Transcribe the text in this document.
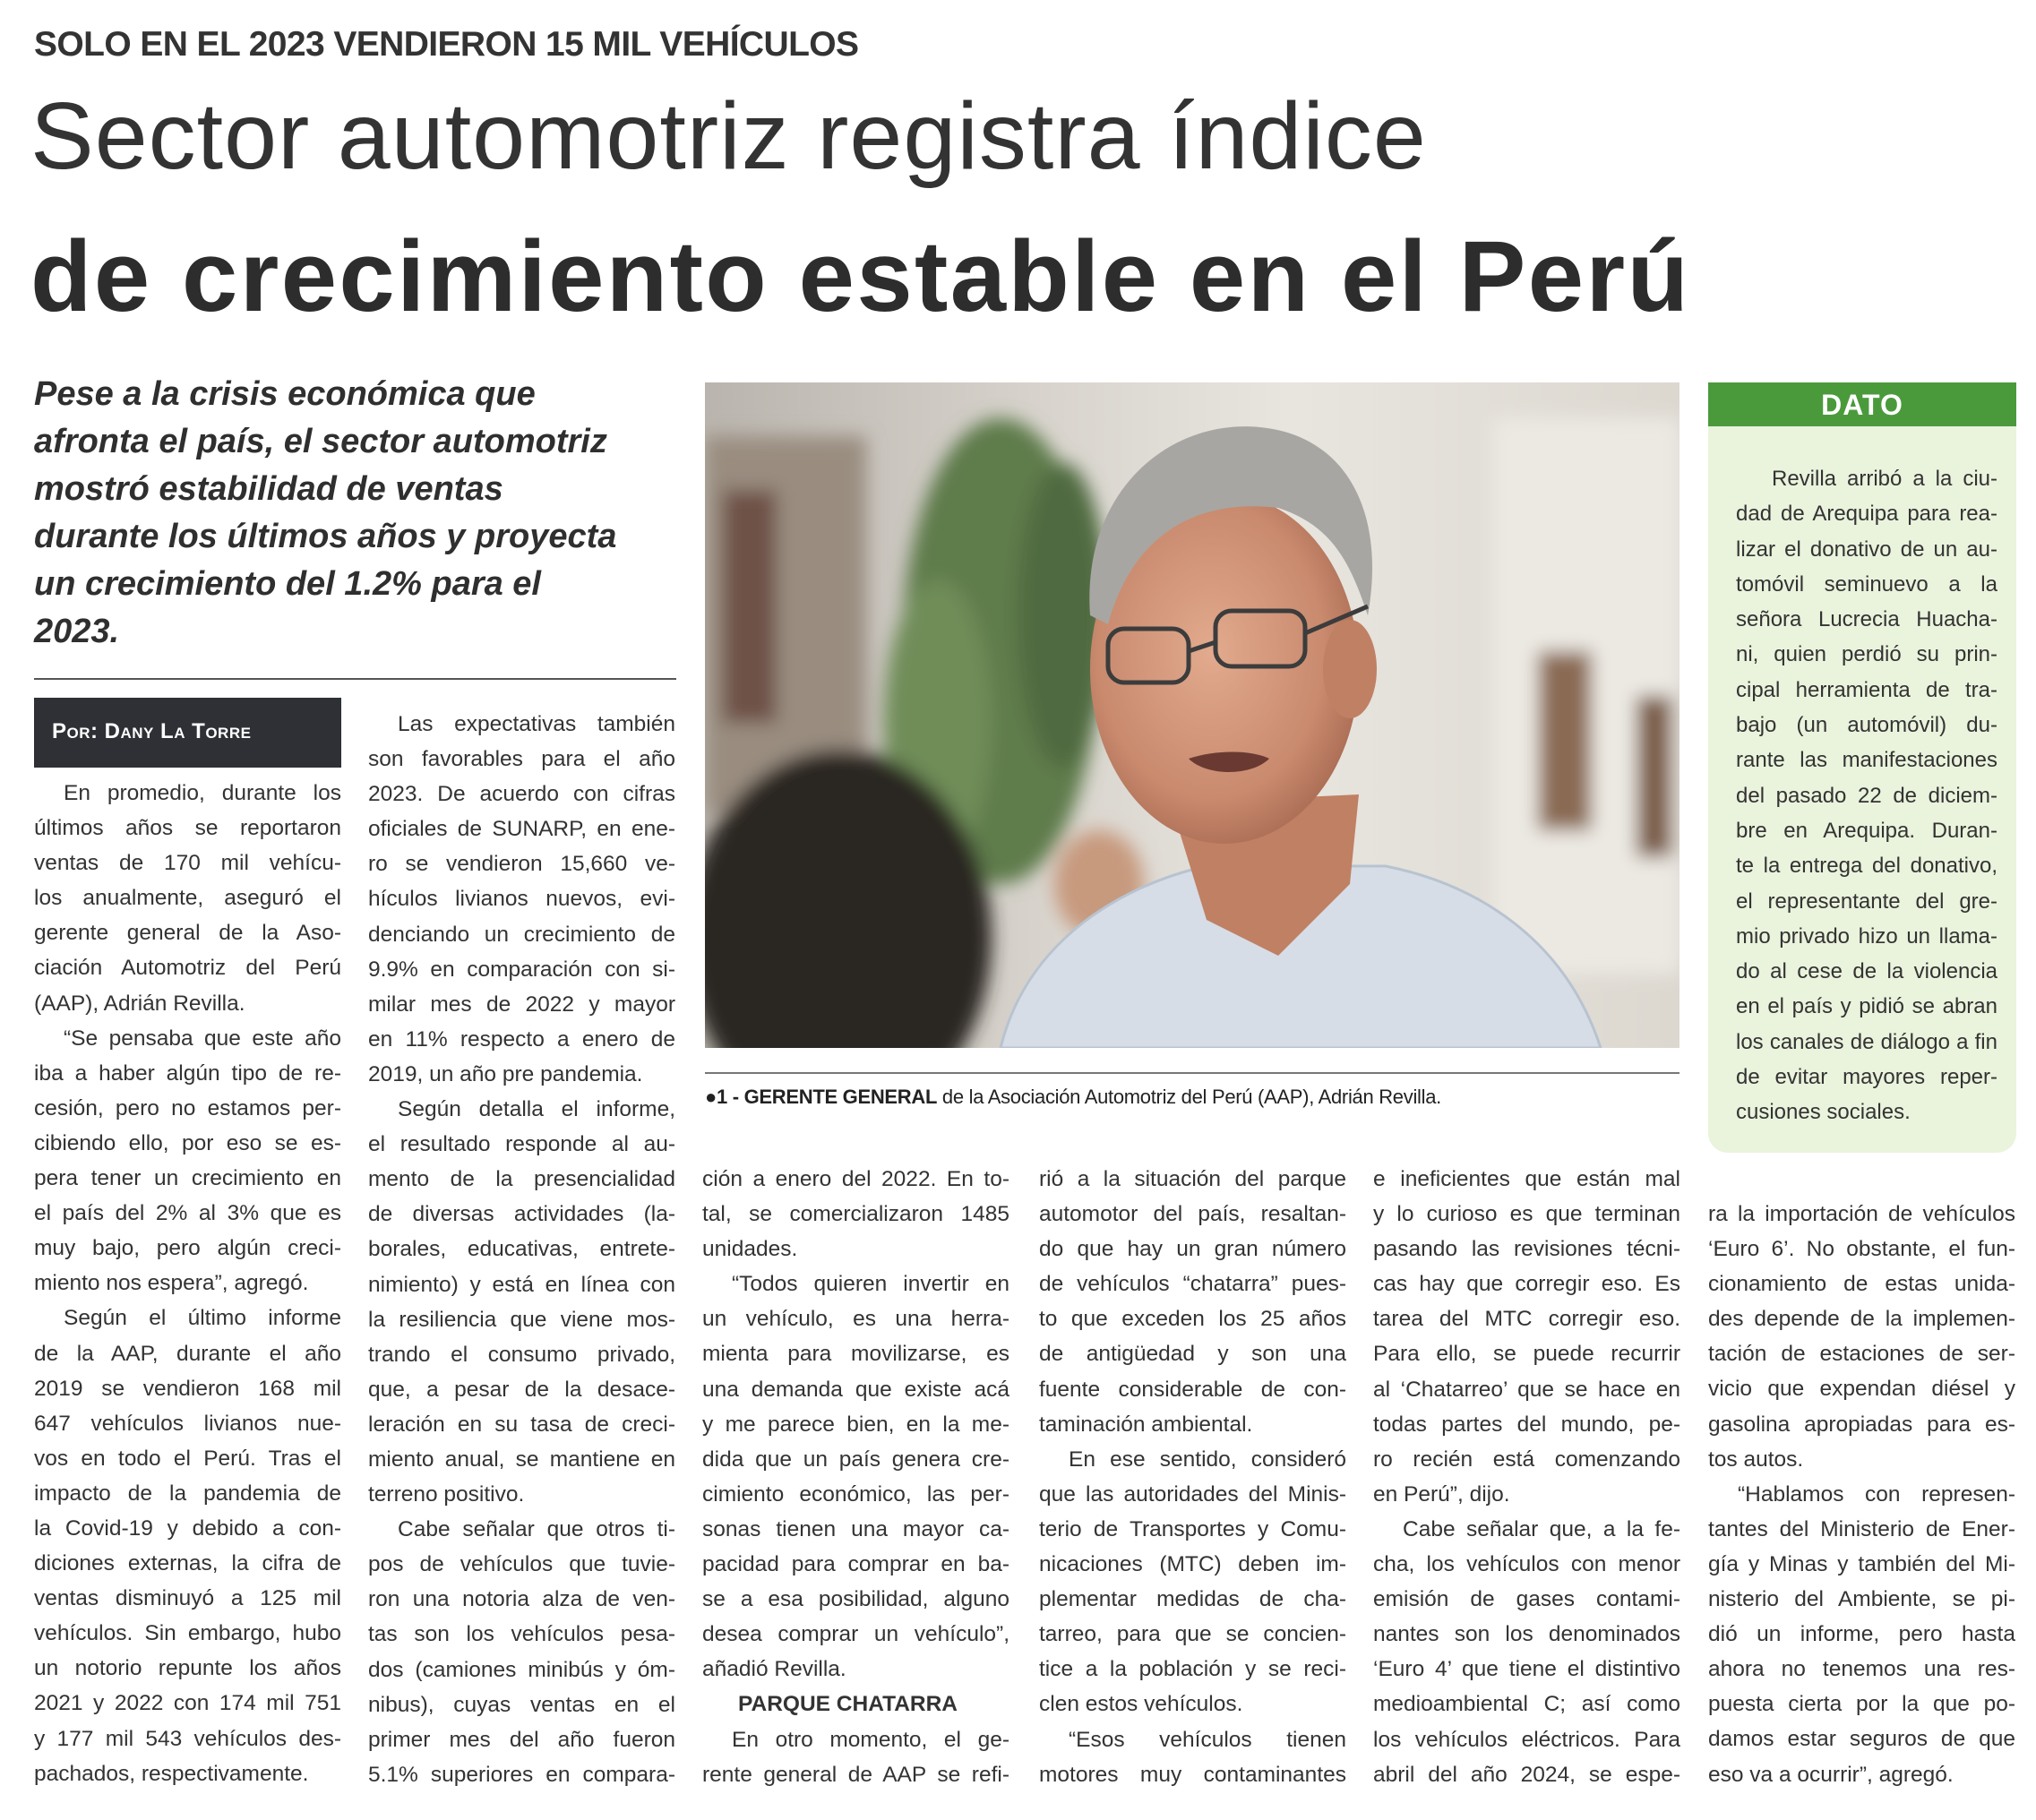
SOLO EN EL 2023 VENDIERON 15 MIL VEHÍCULOS
Sector automotriz registra índice
de crecimiento estable en el Perú
Pese a la crisis económica que
afronta el país, el sector automotriz
mostró estabilidad de ventas
durante los últimos años y proyecta
un crecimiento del 1.2% para el
2023.
Por: Dany La Torre
●1 - GERENTE GENERAL de la Asociación Automotriz del Perú (AAP), Adrián Revilla.
DATO
Revilla arribó a la ciu-
dad de Arequipa para rea-
lizar el donativo de un au-
tomóvil seminuevo a la
señora Lucrecia Huacha-
ni, quien perdió su prin-
cipal herramienta de tra-
bajo (un automóvil) du-
rante las manifestaciones
del pasado 22 de diciem-
bre en Arequipa. Duran-
te la entrega del donativo,
el representante del gre-
mio privado hizo un llama-
do al cese de la violencia
en el país y pidió se abran
los canales de diálogo a fin
de evitar mayores reper-
cusiones sociales.
En promedio, durante los
últimos años se reportaron
ventas de 170 mil vehícu-
los anualmente, aseguró el
gerente general de la Aso-
ciación Automotriz del Perú
(AAP), Adrián Revilla.
“Se pensaba que este año
iba a haber algún tipo de re-
cesión, pero no estamos per-
cibiendo ello, por eso se es-
pera tener un crecimiento en
el país del 2% al 3% que es
muy bajo, pero algún creci-
miento nos espera”, agregó.
Según el último informe
de la AAP, durante el año
2019 se vendieron 168 mil
647 vehículos livianos nue-
vos en todo el Perú. Tras el
impacto de la pandemia de
la Covid-19 y debido a con-
diciones externas, la cifra de
ventas disminuyó a 125 mil
vehículos. Sin embargo, hubo
un notorio repunte los años
2021 y 2022 con 174 mil 751
y 177 mil 543 vehículos des-
pachados, respectivamente.
Las expectativas también
son favorables para el año
2023. De acuerdo con cifras
oficiales de SUNARP, en ene-
ro se vendieron 15,660 ve-
hículos livianos nuevos, evi-
denciando un crecimiento de
9.9% en comparación con si-
milar mes de 2022 y mayor
en 11% respecto a enero de
2019, un año pre pandemia.
Según detalla el informe,
el resultado responde al au-
mento de la presencialidad
de diversas actividades (la-
borales, educativas, entrete-
nimiento) y está en línea con
la resiliencia que viene mos-
trando el consumo privado,
que, a pesar de la desace-
leración en su tasa de creci-
miento anual, se mantiene en
terreno positivo.
Cabe señalar que otros ti-
pos de vehículos que tuvie-
ron una notoria alza de ven-
tas son los vehículos pesa-
dos (camiones minibús y óm-
nibus), cuyas ventas en el
primer mes del año fueron
5.1% superiores en compara-
ción a enero del 2022. En to-
tal, se comercializaron 1485
unidades.
“Todos quieren invertir en
un vehículo, es una herra-
mienta para movilizarse, es
una demanda que existe acá
y me parece bien, en la me-
dida que un país genera cre-
cimiento económico, las per-
sonas tienen una mayor ca-
pacidad para comprar en ba-
se a esa posibilidad, alguno
desea comprar un vehículo”,
añadió Revilla.
PARQUE CHATARRA
En otro momento, el ge-
rente general de AAP se refi-
rió a la situación del parque
automotor del país, resaltan-
do que hay un gran número
de vehículos “chatarra” pues-
to que exceden los 25 años
de antigüedad y son una
fuente considerable de con-
taminación ambiental.
En ese sentido, consideró
que las autoridades del Minis-
terio de Transportes y Comu-
nicaciones (MTC) deben im-
plementar medidas de cha-
tarreo, para que se concien-
tice a la población y se reci-
clen estos vehículos.
“Esos vehículos tienen
motores muy contaminantes
e ineficientes que están mal
y lo curioso es que terminan
pasando las revisiones técni-
cas hay que corregir eso. Es
tarea del MTC corregir eso.
Para ello, se puede recurrir
al ‘Chatarreo’ que se hace en
todas partes del mundo, pe-
ro recién está comenzando
en Perú”, dijo.
Cabe señalar que, a la fe-
cha, los vehículos con menor
emisión de gases contami-
nantes son los denominados
‘Euro 4’ que tiene el distintivo
medioambiental C; así como
los vehículos eléctricos. Para
abril del año 2024, se espe-
ra la importación de vehículos
‘Euro 6’. No obstante, el fun-
cionamiento de estas unida-
des depende de la implemen-
tación de estaciones de ser-
vicio que expendan diésel y
gasolina apropiadas para es-
tos autos.
“Hablamos con represen-
tantes del Ministerio de Ener-
gía y Minas y también del Mi-
nisterio del Ambiente, se pi-
dió un informe, pero hasta
ahora no tenemos una res-
puesta cierta por la que po-
damos estar seguros de que
eso va a ocurrir”, agregó.
